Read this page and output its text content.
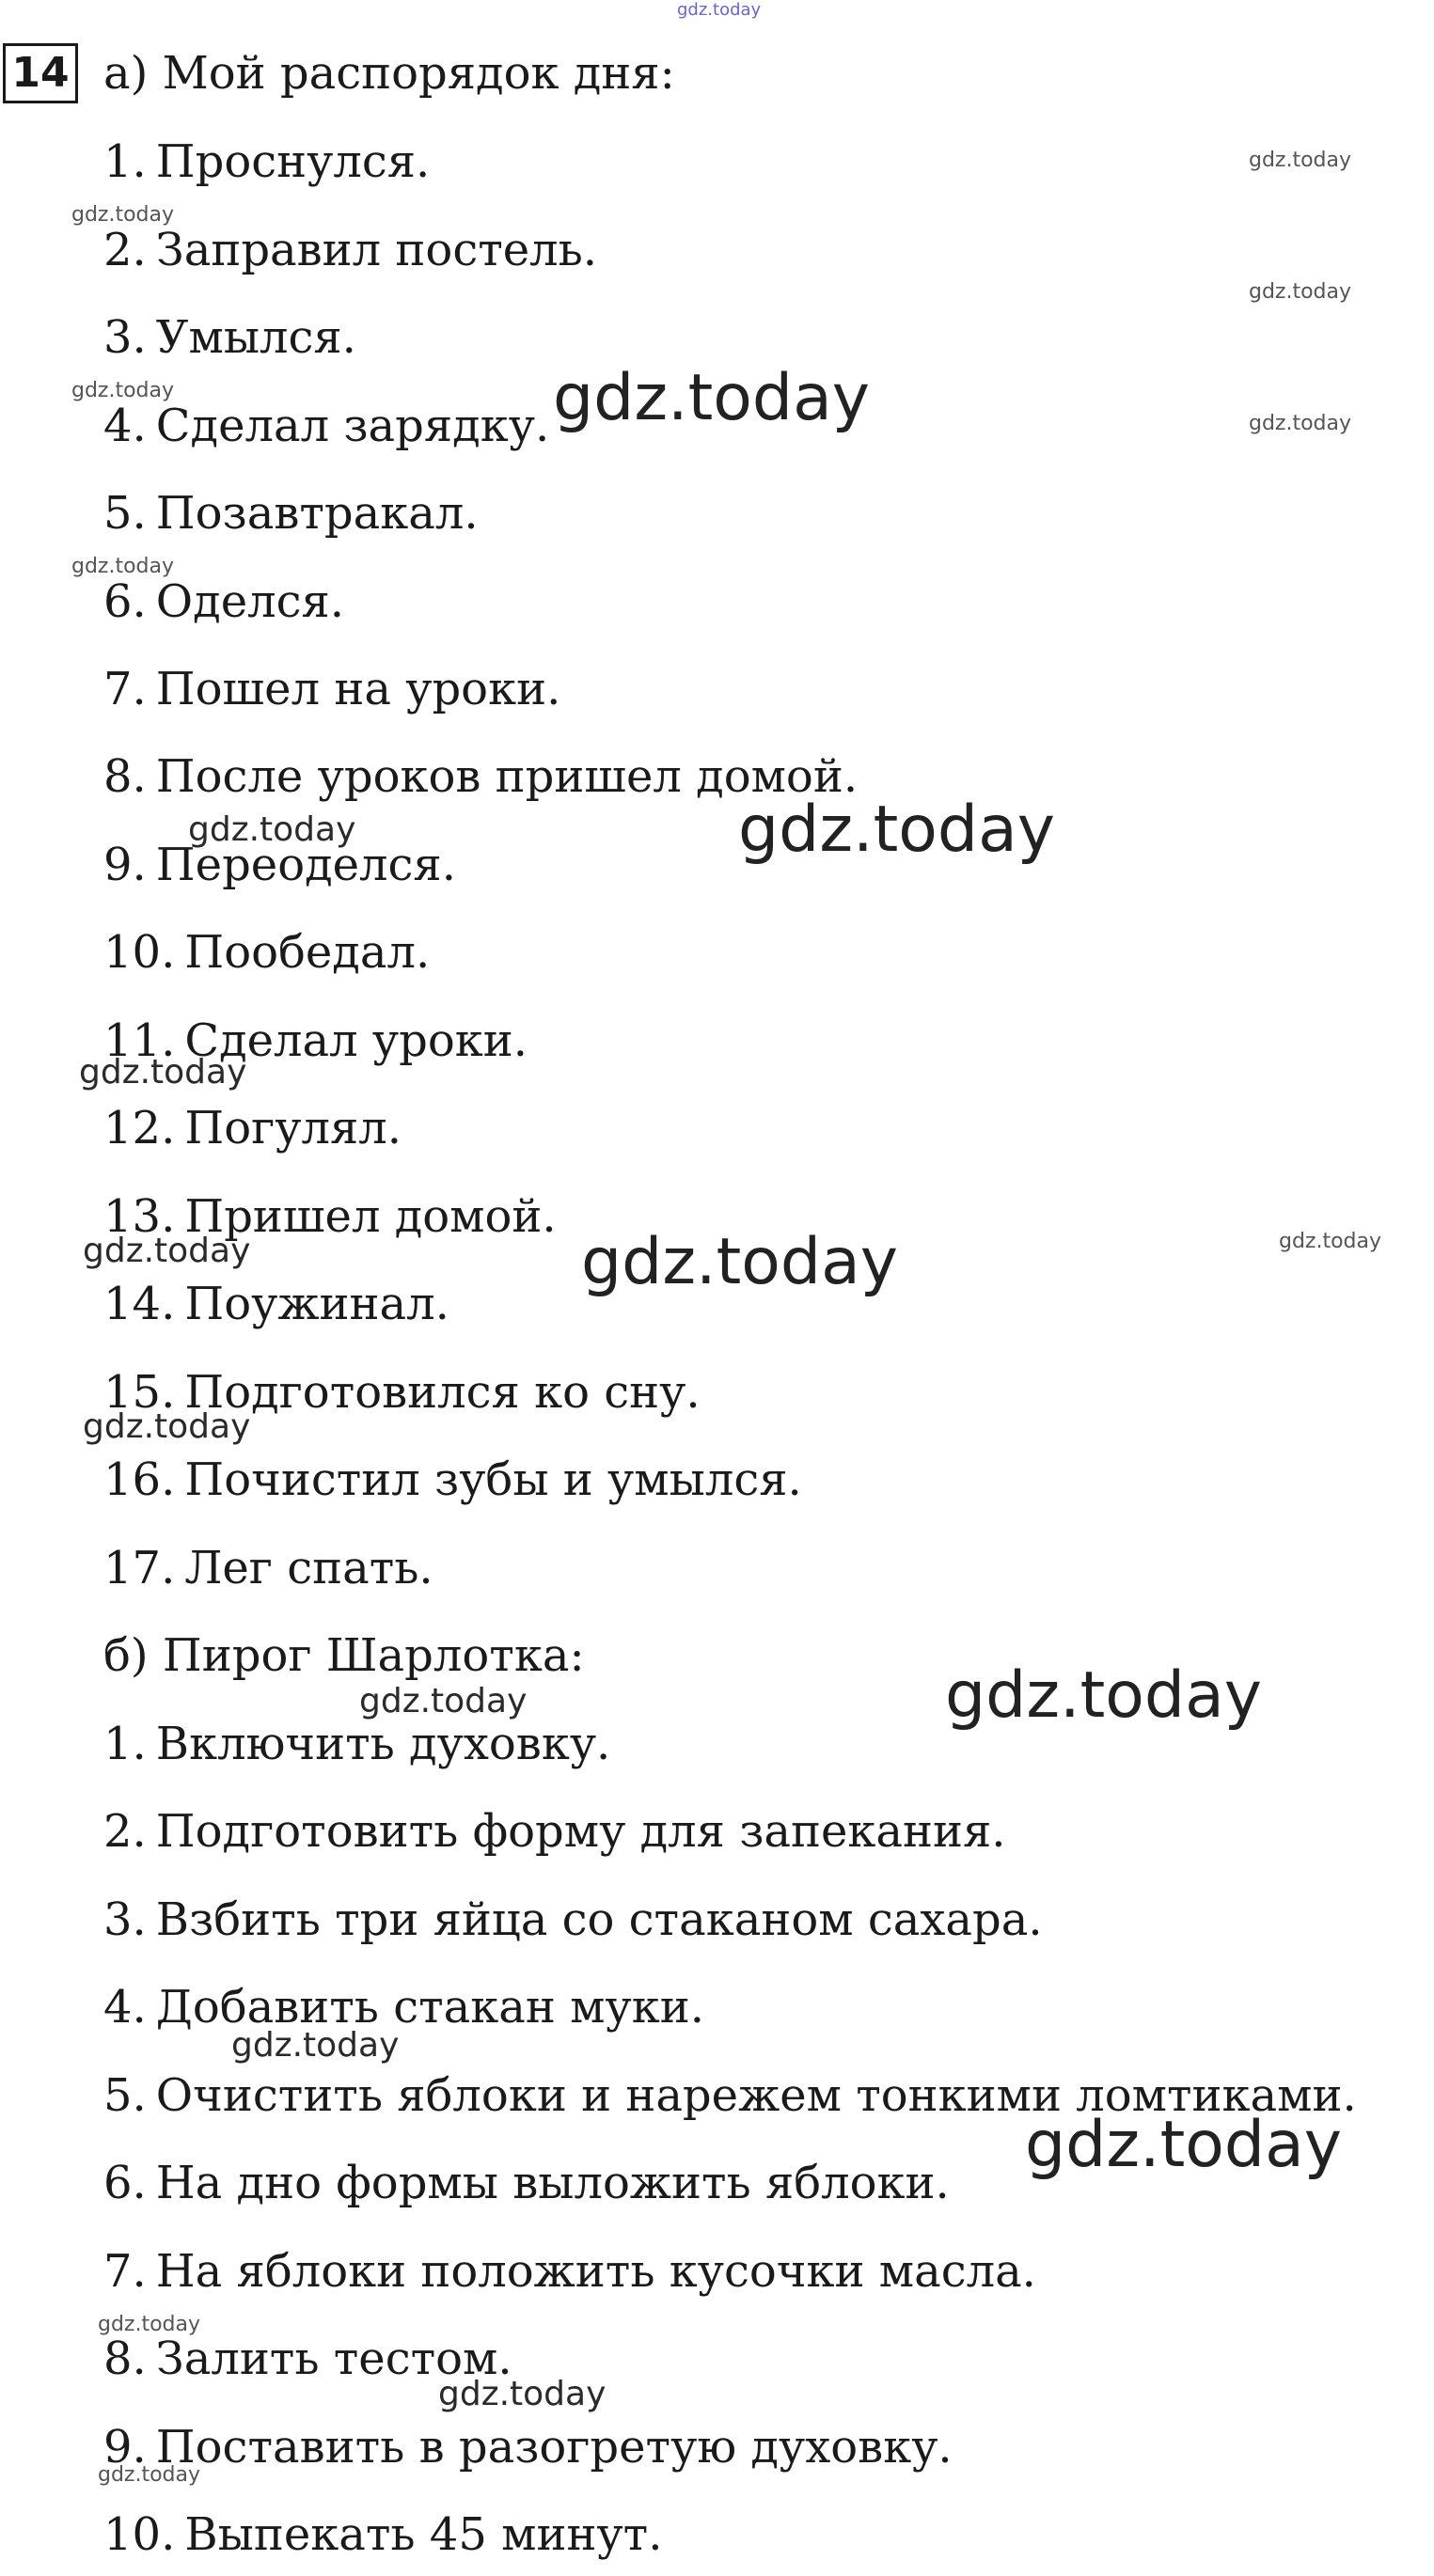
gdz.today
14 а) Мой распорядок дня:
1. Проснулся.
2. Заправил постель.
3. Умылся.
4. Сделал зарядку.
5. Позавтракал.
6. Оделся.
7. Пошел на уроки.
8. После уроков пришел домой.
9. Переоделся.
10. Пообедал.
11. Сделал уроки.
12. Погулял.
13. Пришел домой.
14. Поужинал.
15. Подготовился ко сну.
16. Почистил зубы и умылся.
17. Лег спать.
б) Пирог Шарлотка:
1. Включить духовку.
2. Подготовить форму для запекания.
3. Взбить три яйца со стаканом сахара.
4. Добавить стакан муки.
5. Очистить яблоки и нарежем тонкими ломтиками.
6. На дно формы выложить яблоки.
7. На яблоки положить кусочки масла.
8. Залить тестом.
9. Поставить в разогретую духовку.
10. Выпекать 45 минут.
gdz.today
gdz.today
gdz.today
gdz.today	gdz.today	gdz.today
gdz.today
gdz.today	gdz.today
gdz.today
gdz.today
gdz.today	gdz.today
gdz.today
gdz.today	gdz.today
gdz.today
gdz.today
gdz.today
gdz.today
gdz.today
